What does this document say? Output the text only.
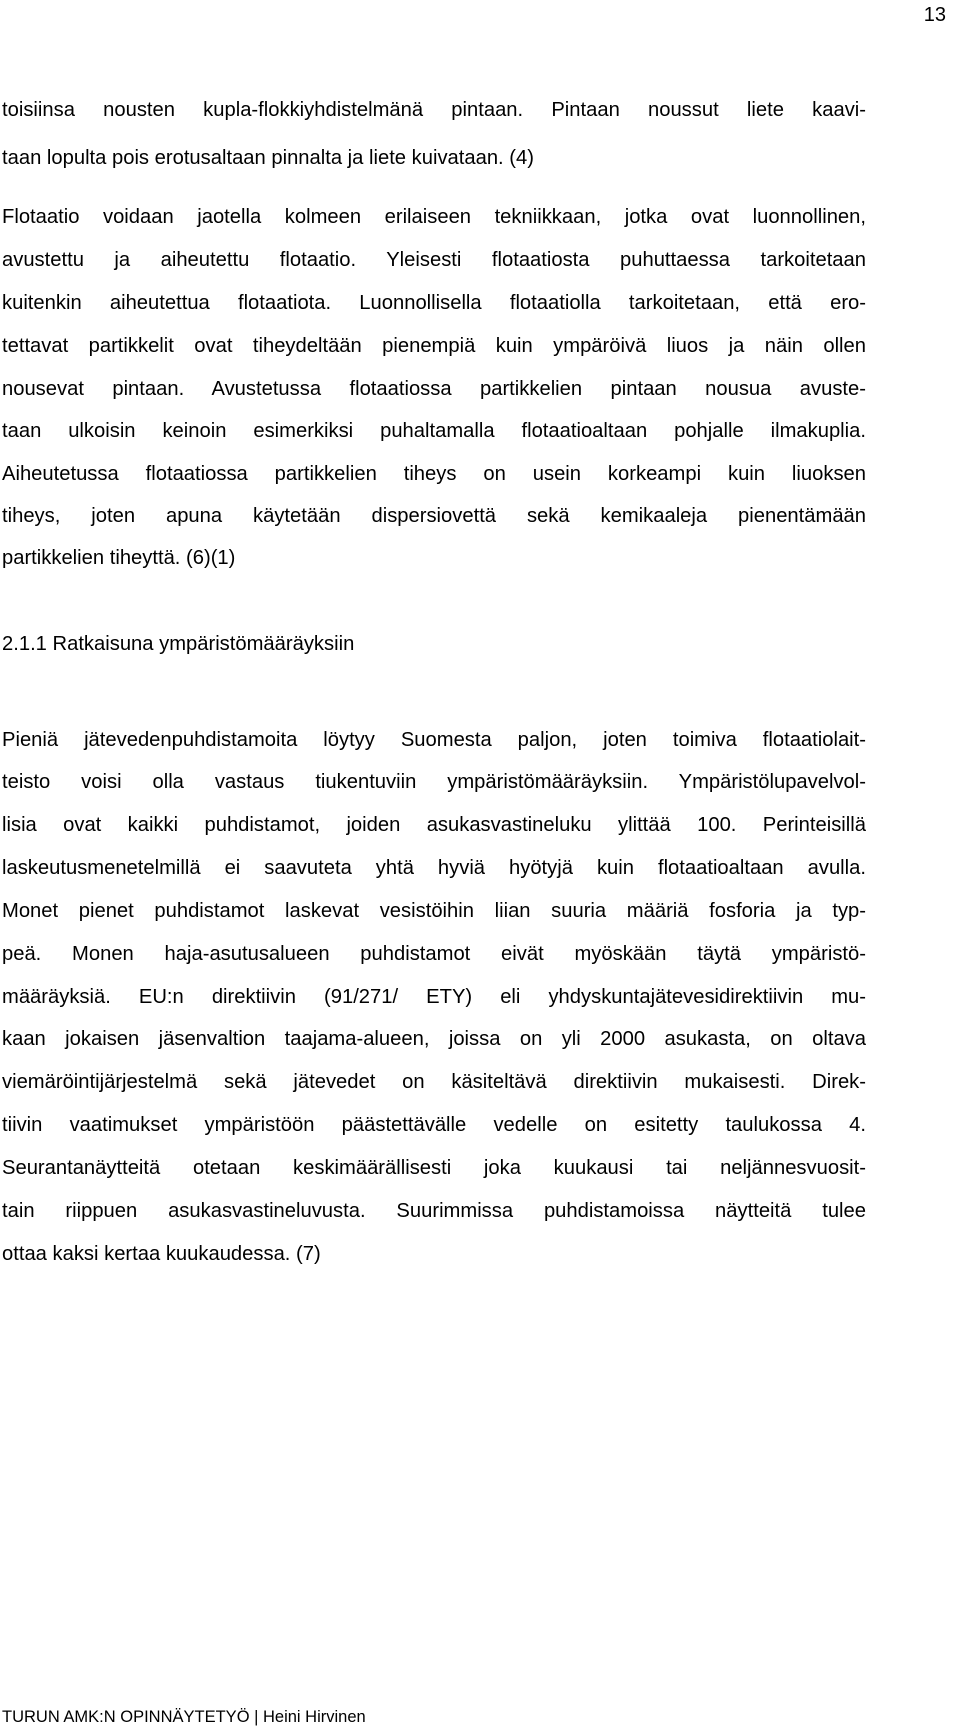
13
toisiinsa nousten kupla-flokkiyhdistelmänä pintaan. Pintaan noussut liete kaavi-
taan lopulta pois erotusaltaan pinnalta ja liete kuivataan. (4)
Flotaatio voidaan jaotella kolmeen erilaiseen tekniikkaan, jotka ovat luonnollinen,
avustettu ja aiheutettu flotaatio. Yleisesti flotaatiosta puhuttaessa tarkoitetaan
kuitenkin aiheutettua flotaatiota. Luonnollisella flotaatiolla tarkoitetaan, että ero-
tettavat partikkelit ovat tiheydeltään pienempiä kuin ympäröivä liuos ja näin ollen
nousevat pintaan. Avustetussa flotaatiossa partikkelien pintaan nousua avuste-
taan ulkoisin keinoin esimerkiksi puhaltamalla flotaatioaltaan pohjalle ilmakuplia.
Aiheutetussa flotaatiossa partikkelien tiheys on usein korkeampi kuin liuoksen
tiheys, joten apuna käytetään dispersiovettä sekä kemikaaleja pienentämään
partikkelien tiheyttä. (6)(1)
2.1.1 Ratkaisuna ympäristömääräyksiin
Pieniä jätevedenpuhdistamoita löytyy Suomesta paljon, joten toimiva flotaatiolait-
teisto voisi olla vastaus tiukentuviin ympäristömääräyksiin. Ympäristölupavelvol-
lisia ovat kaikki puhdistamot, joiden asukasvastineluku ylittää 100. Perinteisillä
laskeutusmenetelmillä ei saavuteta yhtä hyviä hyötyjä kuin flotaatioaltaan avulla.
Monet pienet puhdistamot laskevat vesistöihin liian suuria määriä fosforia ja typ-
peä. Monen haja-asutusalueen puhdistamot eivät myöskään täytä ympäristö-
määräyksiä. EU:n direktiivin (91/271/ ETY) eli yhdyskuntajätevesidirektiivin mu-
kaan jokaisen jäsenvaltion taajama-alueen, joissa on yli 2000 asukasta, on oltava
viemäröintijärjestelmä sekä jätevedet on käsiteltävä direktiivin mukaisesti. Direk-
tiivin vaatimukset ympäristöön päästettävälle vedelle on esitetty taulukossa 4.
Seurantanäytteitä otetaan keskimäärällisesti joka kuukausi tai neljännesvuosit-
tain riippuen asukasvastineluvusta. Suurimmissa puhdistamoissa näytteitä tulee
ottaa kaksi kertaa kuukaudessa. (7)
TURUN AMK:N OPINNÄYTETYÖ | Heini Hirvinen
